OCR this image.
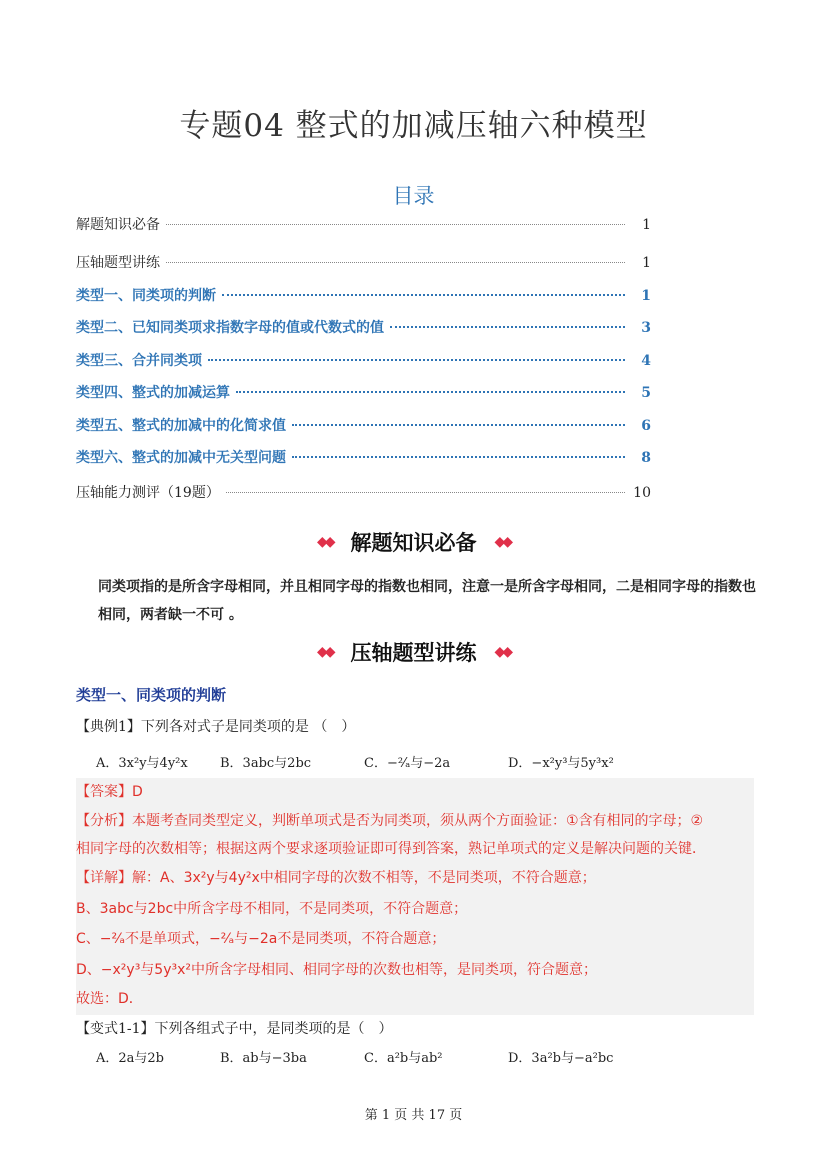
专题04 整式的加减压轴六种模型
目录
解题知识必备	1
压轴题型讲练	1
类型一、同类项的判断	1
类型二、已知同类项求指数字母的值或代数式的值	3
类型三、合并同类项	4
类型四、整式的加减运算	5
类型五、整式的加减中的化简求值	6
类型六、整式的加减中无关型问题	8
压轴能力测评（19题）	10
◆◆ 解题知识必备	◆◆
同类项指的是所含字母相同，并且相同字母的指数也相同，注意一是所含字母相同，二是相同字母的指数也
相同，两者缺一不可 。
◆◆ 压轴题型讲练	◆◆
类型一、同类项的判断
【典例1】下列各对式子是同类项的是 （　）
A．3x²y与4y²x B．3abc与2bc	C．−²⁄ₐ与−2a	D．−x²y³与5y³x²
【答案】D
【分析】本题考查同类型定义，判断单项式是否为同类项，须从两个方面验证：①含有相同的字母；②
相同字母的次数相等；根据这两个要求逐项验证即可得到答案，熟记单项式的定义是解决问题的关键．
【详解】解：A、3x²y与4y²x中相同字母的次数不相等，不是同类项，不符合题意；
B、3abc与2bc中所含字母不相同，不是同类项，不符合题意；
C、−²⁄ₐ不是单项式，−²⁄ₐ与−2a不是同类项，不符合题意；
D、−x²y³与5y³x²中所含字母相同、相同字母的次数也相等，是同类项，符合题意；
故选：D．
【变式1-1】下列各组式子中，是同类项的是（　）
A．2a与2b	B．ab与−3ba	C．a²b与ab²	D．3a²b与−a²bc
第 1 页 共 17 页
